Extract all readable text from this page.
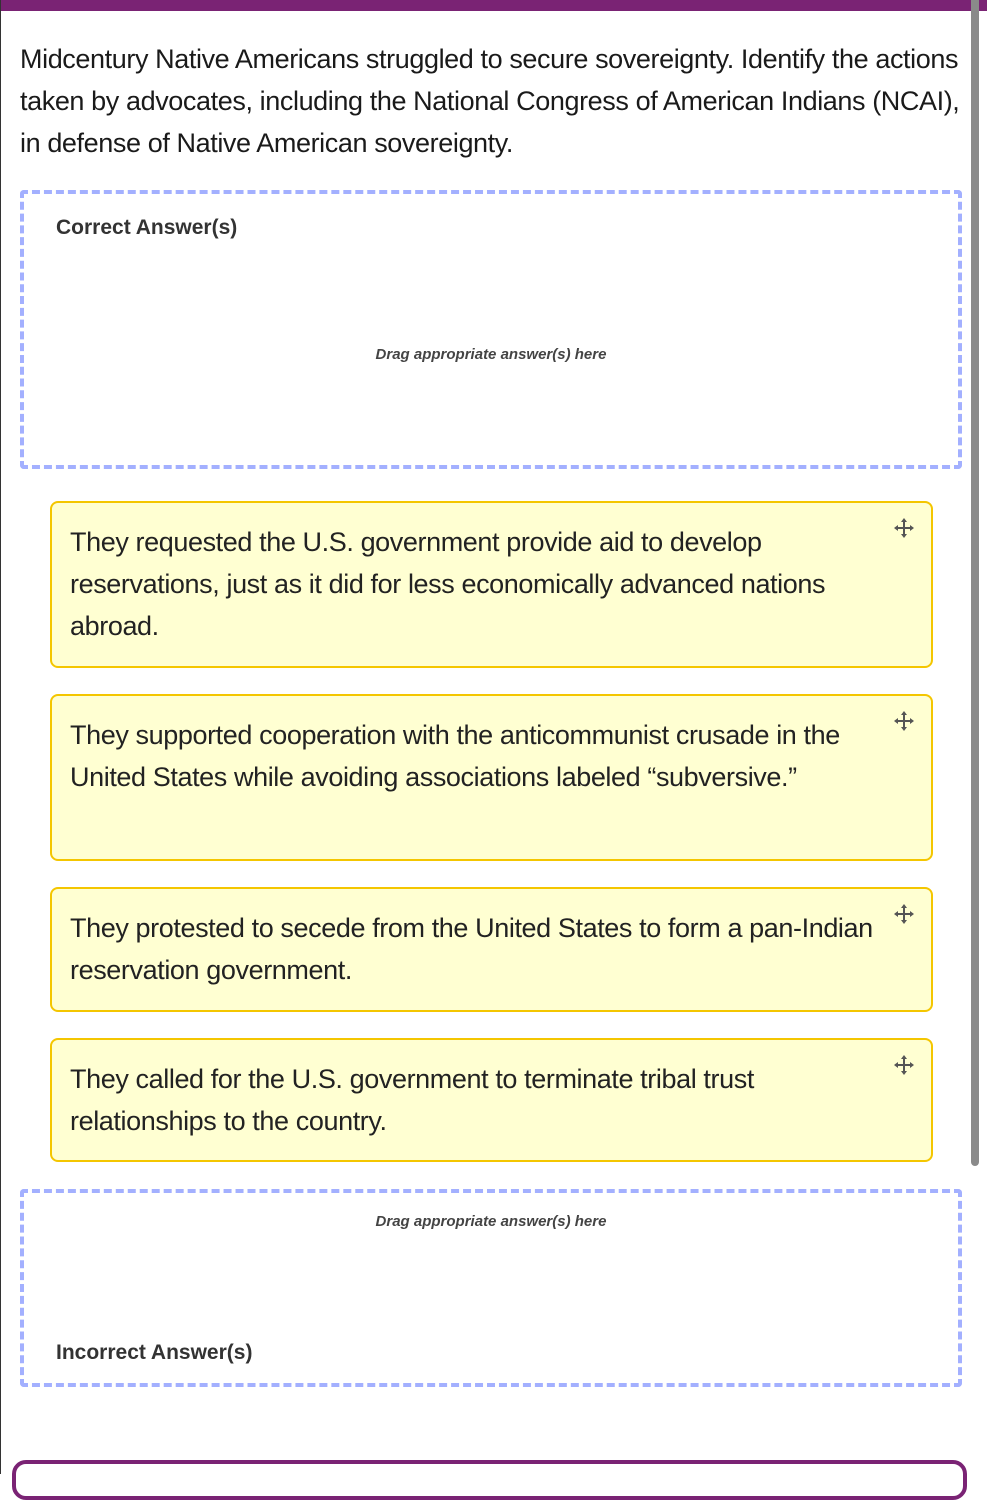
Midcentury Native Americans struggled to secure sovereignty. Identify the actions taken by advocates, including the National Congress of American Indians (NCAI), in defense of Native American sovereignty.
Correct Answer(s)
Drag appropriate answer(s) here
They requested the U.S. government provide aid to develop reservations, just as it did for less economically advanced nations abroad.
They supported cooperation with the anticommunist crusade in the United States while avoiding associations labeled “subversive.”
They protested to secede from the United States to form a pan-Indian reservation government.
They called for the U.S. government to terminate tribal trust relationships to the country.
Drag appropriate answer(s) here
Incorrect Answer(s)
